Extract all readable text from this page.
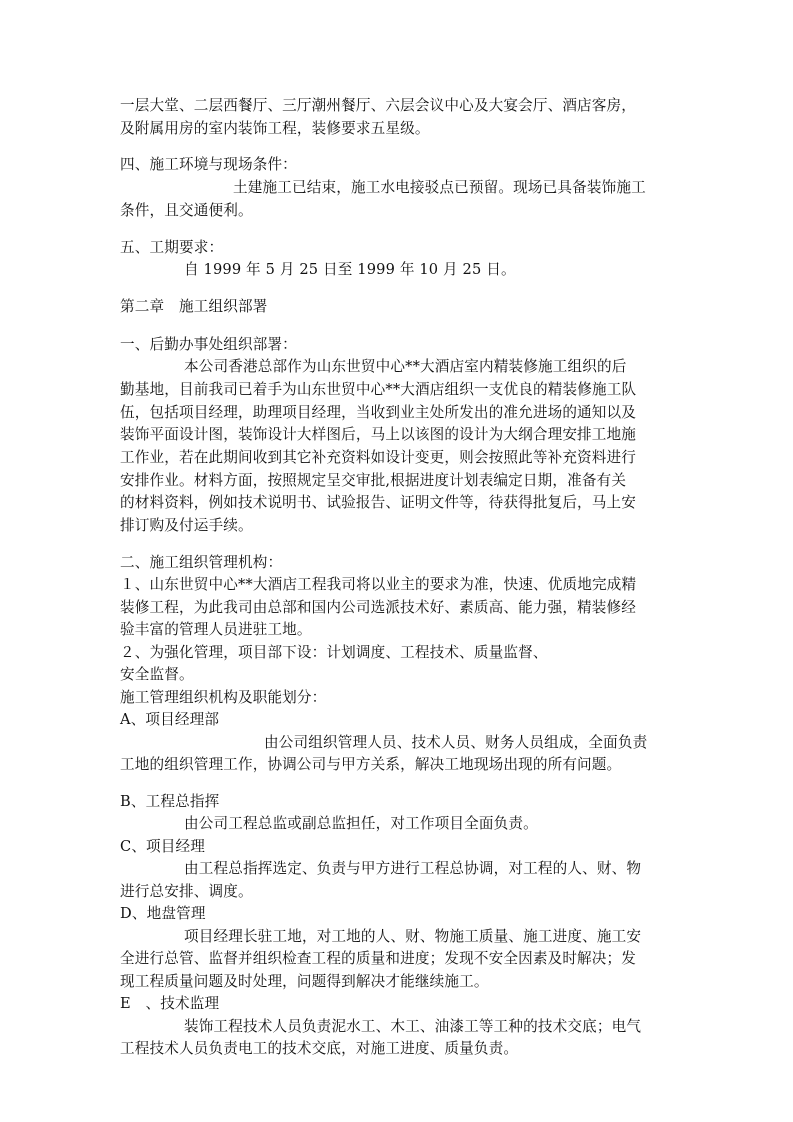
一层大堂、二层西餐厅、三厅潮州餐厅、六层会议中心及大宴会厅、酒店客房，
及附属用房的室内装饰工程，装修要求五星级。
四、施工环境与现场条件：
土建施工已结束，施工水电接驳点已预留。现场已具备装饰施工
条件，且交通便利。
五、工期要求：
自 1999 年 5 月 25 日至 1999 年 10 月 25 日。
第二章　施工组织部署
一、后勤办事处组织部署：
本公司香港总部作为山东世贸中心**大酒店室内精装修施工组织的后
勤基地，目前我司已着手为山东世贸中心**大酒店组织一支优良的精装修施工队
伍，包括项目经理，助理项目经理，当收到业主处所发出的准允进场的通知以及
装饰平面设计图，装饰设计大样图后，马上以该图的设计为大纲合理安排工地施
工作业，若在此期间收到其它补充资料如设计变更，则会按照此等补充资料进行
安排作业。材料方面，按照规定呈交审批,根据进度计划表编定日期，准备有关
的材料资料，例如技术说明书、试验报告、证明文件等，待获得批复后，马上安
排订购及付运手续。
二、施工组织管理机构：
１、山东世贸中心**大酒店工程我司将以业主的要求为准，快速、优质地完成精
装修工程，为此我司由总部和国内公司选派技术好、素质高、能力强，精装修经
验丰富的管理人员进驻工地。
２、为强化管理，项目部下设：计划调度、工程技术、质量监督、
安全监督。
施工管理组织机构及职能划分：
A、项目经理部
由公司组织管理人员、技术人员、财务人员组成，全面负责
工地的组织管理工作，协调公司与甲方关系，解决工地现场出现的所有问题。
B、工程总指挥
由公司工程总监或副总监担任，对工作项目全面负责。
C、项目经理
由工程总指挥选定、负责与甲方进行工程总协调，对工程的人、财、物
进行总安排、调度。
D、地盘管理
项目经理长驻工地，对工地的人、财、物施工质量、施工进度、施工安
全进行总管、监督并组织检查工程的质量和进度；发现不安全因素及时解决；发
现工程质量问题及时处理，问题得到解决才能继续施工。
E　、技术监理
装饰工程技术人员负责泥水工、木工、油漆工等工种的技术交底；电气
工程技术人员负责电工的技术交底，对施工进度、质量负责。
